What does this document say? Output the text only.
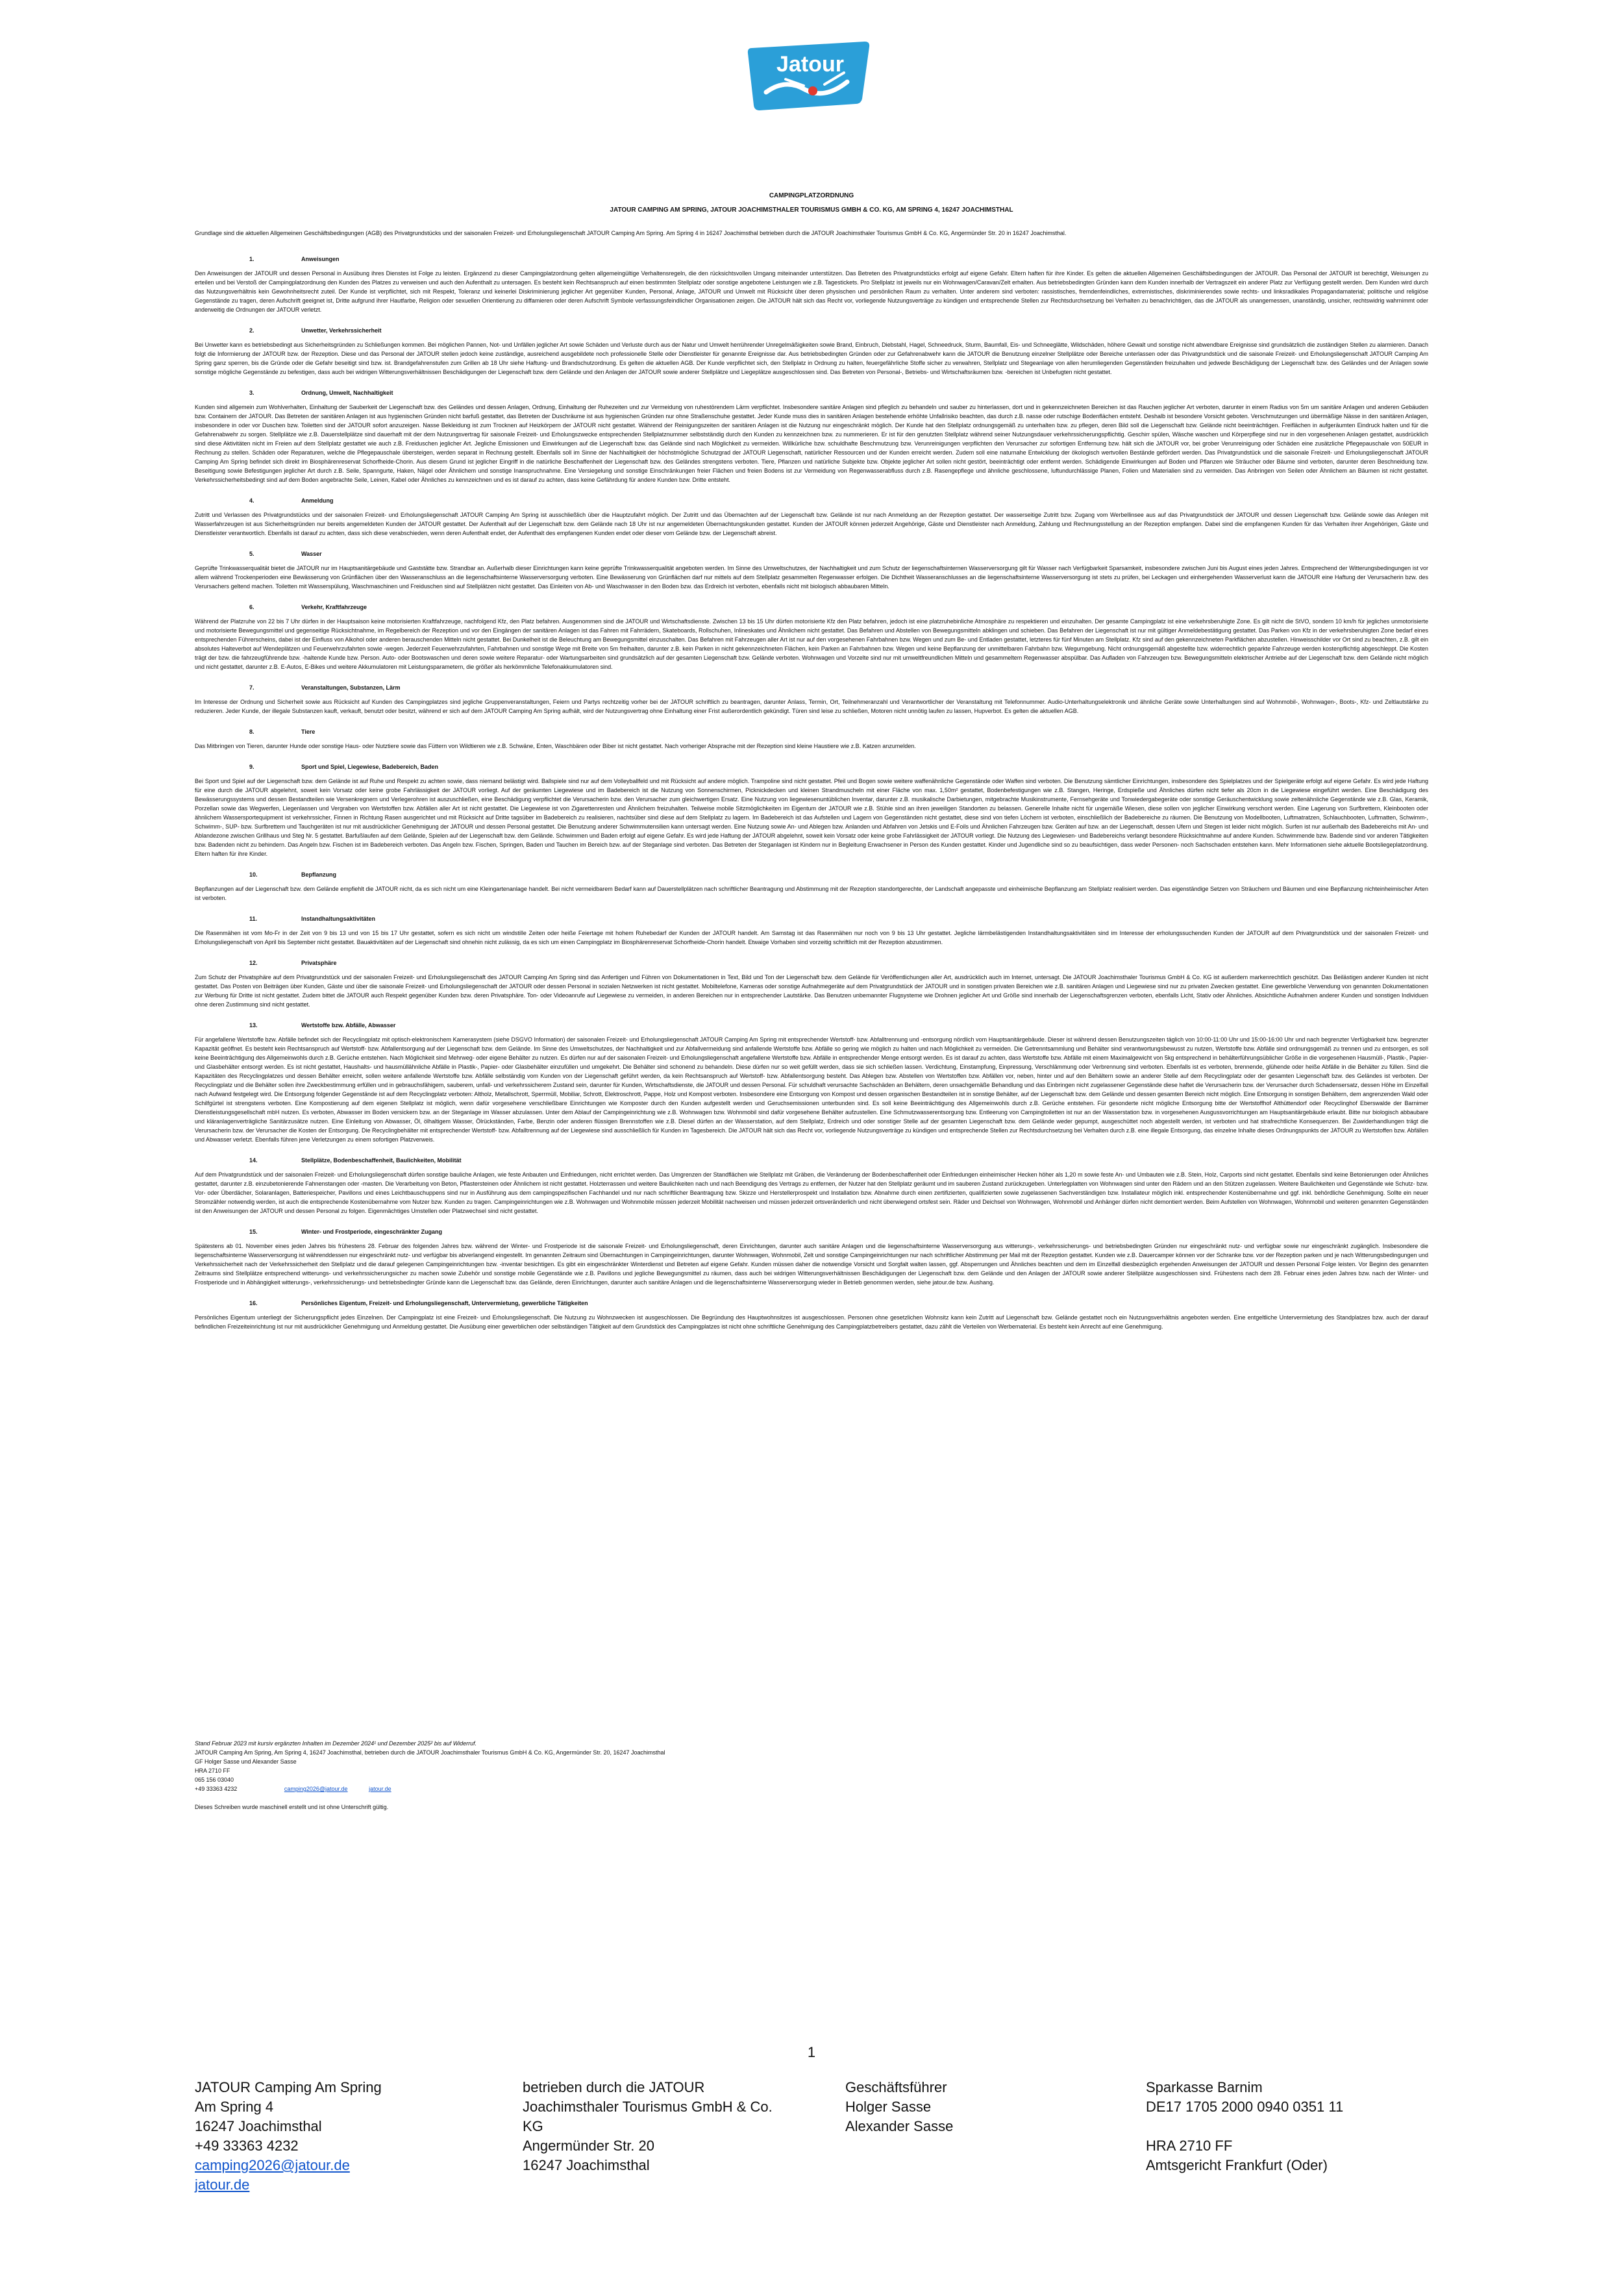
Jatour
CAMPINGPLATZORDNUNG
JATOUR CAMPING AM SPRING, JATOUR JOACHIMSTHALER TOURISMUS GMBH & CO. KG, AM SPRING 4, 16247 JOACHIMSTHAL
Grundlage sind die aktuellen Allgemeinen Geschäftsbedingungen (AGB) des Privatgrundstücks und der saisonalen Freizeit- und Erholungsliegenschaft JATOUR Camping Am Spring. Am Spring 4 in 16247 Joachimsthal betrieben durch die JATOUR Joachimsthaler Tourismus GmbH & Co. KG, Angermünder Str. 20 in 16247 Joachimsthal.
1.	Anweisungen

Den Anweisungen der JATOUR und dessen Personal in Ausübung ihres Dienstes ist Folge zu leisten. Ergänzend zu dieser Campingplatzordnung gelten allgemeingültige Verhaltensregeln, die den rücksichtsvollen Umgang miteinander unterstützen. Das Betreten des Privatgrundstücks erfolgt auf eigene Gefahr. Eltern haften für ihre Kinder. Es gelten die aktuellen Allgemeinen Geschäftsbedingungen der JATOUR. Das Personal der JATOUR ist berechtigt, Weisungen zu erteilen und bei Verstoß der Campingplatzordnung den Kunden des Platzes zu verweisen und auch den Aufenthalt zu untersagen. Es besteht kein Rechtsanspruch auf einen bestimmten Stellplatz oder sonstige angebotene Leistungen wie z.B. Tagestickets. Pro Stellplatz ist jeweils nur ein Wohnwagen/Caravan/Zelt erhalten. Aus betriebsbedingten Gründen kann dem Kunden innerhalb der Vertragszeit ein anderer Platz zur Verfügung gestellt werden. Dem Kunden wird durch das Nutzungsverhältnis kein Gewohnheitsrecht zuteil. Der Kunde ist verpflichtet, sich mit Respekt, Toleranz und keinerlei Diskriminierung jeglicher Art gegenüber Kunden, Personal, Anlage, JATOUR und Umwelt mit Rücksicht über deren physischen und persönlichen Raum zu verhalten. Unter anderem sind verboten: rassistisches, fremdenfeindliches, extremistisches, diskriminierendes sowie rechts- und linksradikales Propagandamaterial; politische und religiöse Gegenstände zu tragen, deren Aufschrift geeignet ist, Dritte aufgrund ihrer Hautfarbe, Religion oder sexuellen Orientierung zu diffamieren oder deren Aufschrift Symbole verfassungsfeindlicher Organisationen zeigen. Die JATOUR hält sich das Recht vor, vorliegende Nutzungsverträge zu kündigen und entsprechende Stellen zur Rechtsdurchsetzung bei Verhalten zu benachrichtigen, das die JATOUR als unangemessen, unanständig, unsicher, rechtswidrig wahrnimmt oder anderweitig die Ordnungen der JATOUR verletzt.

2.	Unwetter, Verkehrssicherheit

Bei Unwetter kann es betriebsbedingt aus Sicherheitsgründen zu Schließungen kommen. Bei möglichen Pannen, Not- und Unfällen jeglicher Art sowie Schäden und Verluste durch aus der Natur und Umwelt herrührender Unregelmäßigkeiten sowie Brand, Einbruch, Diebstahl, Hagel, Schneedruck, Sturm, Baumfall, Eis- und Schneeglätte, Wildschäden, höhere Gewalt und sonstige nicht abwendbare Ereignisse sind grundsätzlich die zuständigen Stellen zu alarmieren. Danach folgt die Informierung der JATOUR bzw. der Rezeption. Diese und das Personal der JATOUR stellen jedoch keine zuständige, ausreichend ausgebildete noch professionelle Stelle oder Dienstleister für genannte Ereignisse dar. Aus betriebsbedingten Gründen oder zur Gefahrenabwehr kann die JATOUR die Benutzung einzelner Stellplätze oder Bereiche unterlassen oder das Privatgrundstück und die saisonale Freizeit- und Erholungsliegenschaft JATOUR Camping Am Spring ganz sperren, bis die Gründe oder die Gefahr beseitigt sind bzw. ist. Brandgefahrenstufen zum Grillen ab 18 Uhr siehe Haftung- und Brandschutzordnung. Es gelten die aktuellen AGB. Der Kunde verpflichtet sich, den Stellplatz in Ordnung zu halten, feuergefährliche Stoffe sicher zu verwahren, Stellplatz und Stegeanlage von allen herumliegenden Gegenständen freizuhalten und jedwede Beschädigung der Liegenschaft bzw. des Geländes und der Anlagen sowie sonstige mögliche Gegenstände zu befestigen, dass auch bei widrigen Witterungsverhältnissen Beschädigungen der Liegenschaft bzw. dem Gelände und den Anlagen der JATOUR sowie anderer Stellplätze und Liegeplätze ausgeschlossen sind. Das Betreten von Personal-, Betriebs- und Wirtschaftsräumen bzw. -bereichen ist Unbefugten nicht gestattet.

3.	Ordnung, Umwelt, Nachhaltigkeit

Kunden sind allgemein zum Wohlverhalten, Einhaltung der Sauberkeit der Liegenschaft bzw. des Geländes und dessen Anlagen, Ordnung, Einhaltung der Ruhezeiten und zur Vermeidung von ruhestörendem Lärm verpflichtet. Insbesondere sanitäre Anlagen sind pfleglich zu behandeln und sauber zu hinterlassen, dort und in gekennzeichneten Bereichen ist das Rauchen jeglicher Art verboten, darunter in einem Radius von 5m um sanitäre Anlagen und anderen Gebäuden bzw. Containern der JATOUR. Das Betreten der sanitären Anlagen ist aus hygienischen Gründen nicht barfuß gestattet, das Betreten der Duschräume ist aus hygienischen Gründen nur ohne Straßenschuhe gestattet. Jeder Kunde muss dies in sanitären Anlagen bestehende erhöhte Unfallrisiko beachten, das durch z.B. nasse oder rutschige Bodenflächen entsteht. Deshalb ist besondere Vorsicht geboten. Verschmutzungen und übermäßige Nässe in den sanitären Anlagen, insbesondere in oder vor Duschen bzw. Toiletten sind der JATOUR sofort anzuzeigen. Nasse Bekleidung ist zum Trocknen auf Heizkörpern der JATOUR nicht gestattet. Während der Reinigungszeiten der sanitären Anlagen ist die Nutzung nur eingeschränkt möglich. Der Kunde hat den Stellplatz ordnungsgemäß zu unterhalten bzw. zu pflegen, deren Bild soll die Liegenschaft bzw. Gelände nicht beeinträchtigen. Freiflächen in aufgeräumten Eindruck halten und für die Gefahrenabwehr zu sorgen. Stellplätze wie z.B. Dauerstellplätze sind dauerhaft mit der dem Nutzungsvertrag für saisonale Freizeit- und Erholungszwecke entsprechenden Stellplatznummer selbstständig durch den Kunden zu kennzeichnen bzw. zu nummerieren. Er ist für den genutzten Stellplatz während seiner Nutzungsdauer verkehrssicherungspflichtig. Geschirr spülen, Wäsche waschen und Körperpflege sind nur in den vorgesehenen Anlagen gestattet, ausdrücklich sind diese Aktivitäten nicht im Freien auf dem Stellplatz gestattet wie auch z.B. Freiduschen jeglicher Art. Jegliche Emissionen und Einwirkungen auf die Liegenschaft bzw. das Gelände sind nach Möglichkeit zu vermeiden. Willkürliche bzw. schuldhafte Beschmutzung bzw. Verunreinigungen verpflichten den Verursacher zur sofortigen Entfernung bzw. hält sich die JATOUR vor, bei grober Verunreinigung oder Schäden eine zusätzliche Pflegepauschale von 50EUR in Rechnung zu stellen. Schäden oder Reparaturen, welche die Pflegepauschale übersteigen, werden separat in Rechnung gestellt. Ebenfalls soll im Sinne der Nachhaltigkeit der höchstmögliche Schutzgrad der JATOUR Liegenschaft, natürlicher Ressourcen und der Kunden erreicht werden. Zudem soll eine naturnahe Entwicklung der ökologisch wertvollen Bestände gefördert werden. Das Privatgrundstück und die saisonale Freizeit- und Erholungsliegenschaft JATOUR Camping Am Spring befindet sich direkt im Biosphärenreservat Schorfheide-Chorin. Aus diesem Grund ist jeglicher Eingriff in die natürliche Beschaffenheit der Liegenschaft bzw. des Geländes strengstens verboten. Tiere, Pflanzen und natürliche Subjekte bzw. Objekte jeglicher Art sollen nicht gestört, beeinträchtigt oder entfernt werden. Schädigende Einwirkungen auf Boden und Pflanzen wie Sträucher oder Bäume sind verboten, darunter deren Beschneidung bzw. Beseitigung sowie Befestigungen jeglicher Art durch z.B. Seile, Spanngurte, Haken, Nägel oder Ähnlichem und sonstige Inanspruchnahme. Eine Versiegelung und sonstige Einschränkungen freier Flächen und freien Bodens ist zur Vermeidung von Regenwasserabfluss durch z.B. Rasengepflege und ähnliche geschlossene, luftundurchlässige Planen, Folien und Materialien sind zu vermeiden. Das Anbringen von Seilen oder Ähnlichem an Bäumen ist nicht gestattet. Verkehrssicherheitsbedingt sind auf dem Boden angebrachte Seile, Leinen, Kabel oder Ähnliches zu kennzeichnen und es ist darauf zu achten, dass keine Gefährdung für andere Kunden bzw. Dritte entsteht.

4.	Anmeldung

Zutritt und Verlassen des Privatgrundstücks und der saisonalen Freizeit- und Erholungsliegenschaft JATOUR Camping Am Spring ist ausschließlich über die Hauptzufahrt möglich. Der Zutritt und das Übernachten auf der Liegenschaft bzw. Gelände ist nur nach Anmeldung an der Rezeption gestattet. Der wasserseitige Zutritt bzw. Zugang vom Werbellinsee aus auf das Privatgrundstück der JATOUR und dessen Liegenschaft bzw. Gelände sowie das Anlegen mit Wasserfahrzeugen ist aus Sicherheitsgründen nur bereits angemeldeten Kunden der JATOUR gestattet. Der Aufenthalt auf der Liegenschaft bzw. dem Gelände nach 18 Uhr ist nur angemeldeten Übernachtungskunden gestattet. Kunden der JATOUR können jederzeit Angehörige, Gäste und Dienstleister nach Anmeldung, Zahlung und Rechnungsstellung an der Rezeption empfangen. Dabei sind die empfangenen Kunden für das Verhalten ihrer Angehörigen, Gäste und Dienstleister verantwortlich. Ebenfalls ist darauf zu achten, dass sich diese verabschieden, wenn deren Aufenthalt endet, der Aufenthalt des empfangenen Kunden endet oder dieser vom Gelände bzw. der Liegenschaft abreist.

5.	Wasser

Geprüfte Trinkwasserqualität bietet die JATOUR nur im Hauptsanitärgebäude und Gaststätte bzw. Strandbar an. Außerhalb dieser Einrichtungen kann keine geprüfte Trinkwasserqualität angeboten werden. Im Sinne des Umweltschutzes, der Nachhaltigkeit und zum Schutz der liegenschaftsinternen Wasserversorgung gilt für Wasser nach Verfügbarkeit Sparsamkeit, insbesondere zwischen Juni bis August eines jeden Jahres. Entsprechend der Witterungsbedingungen ist vor allem während Trockenperioden eine Bewässerung von Grünflächen über den Wasseranschluss an die liegenschaftsinterne Wasserversorgung verboten. Eine Bewässerung von Grünflächen darf nur mittels auf dem Stellplatz gesammelten Regenwasser erfolgen. Die Dichtheit Wasseranschlusses an die liegenschaftsinterne Wasserversorgung ist stets zu prüfen, bei Leckagen und einhergehenden Wasserverlust kann die JATOUR eine Haftung der Verursacherin bzw. des Verursachers geltend machen. Toiletten mit Wasserspülung, Waschmaschinen und Freiduschen sind auf Stellplätzen nicht gestattet. Das Einleiten von Ab- und Waschwasser in den Boden bzw. das Erdreich ist verboten, ebenfalls nicht mit biologisch abbaubaren Mitteln.

6.	Verkehr, Kraftfahrzeuge

Während der Platzruhe von 22 bis 7 Uhr dürfen in der Hauptsaison keine motorisierten Kraftfahrzeuge, nachfolgend Kfz, den Platz befahren. Ausgenommen sind die JATOUR und Wirtschaftsdienste. Zwischen 13 bis 15 Uhr dürfen motorisierte Kfz den Platz befahren, jedoch ist eine platzruhebinliche Atmosphäre zu respektieren und einzuhalten. Der gesamte Campingplatz ist eine verkehrsberuhigte Zone. Es gilt nicht die StVO, sondern 10 km/h für jegliches unmotorisierte und motorisierte Bewegungsmittel und gegenseitige Rücksichtnahme, im Regelbereich der Rezeption und vor den Eingängen der sanitären Anlagen ist das Fahren mit Fahrrädern, Skateboards, Rollschuhen, Inlineskates und Ähnlichem nicht gestattet. Das Befahren und Abstellen von Bewegungsmitteln abklingen und schieben. Das Befahren der Liegenschaft ist nur mit gültiger Anmeldebestätigung gestattet. Das Parken von Kfz in der verkehrsberuhigten Zone bedarf eines entsprechenden Führerscheins, dabei ist der Einfluss von Alkohol oder anderen berauschenden Mitteln nicht gestattet. Bei Dunkelheit ist die Beleuchtung am Bewegungsmittel einzuschalten. Das Befahren mit Fahrzeugen aller Art ist nur auf den vorgesehenen Fahrbahnen bzw. Wegen und zum Be- und Entladen gestattet, letzteres für fünf Minuten am Stellplatz. Kfz sind auf den gekennzeichneten Parkflächen abzustellen. Hinweisschilder vor Ort sind zu beachten, z.B. gilt ein absolutes Halteverbot auf Wendeplätzen und Feuerwehrzufahrten sowie -wegen. Jederzeit Feuerwehrzufahrten, Fahrbahnen und sonstige Wege mit Breite von 5m freihalten, darunter z.B. kein Parken in nicht gekennzeichneten Flächen, kein Parken an Fahrbahnen bzw. Wegen und keine Bepflanzung der unmittelbaren Fahrbahn bzw. Wegumgebung. Nicht ordnungsgemäß abgestellte bzw. widerrechtlich geparkte Fahrzeuge werden kostenpflichtig abgeschleppt. Die Kosten trägt der bzw. die fahrzeugführende bzw. -haltende Kunde bzw. Person. Auto- oder Bootswaschen und deren sowie weitere Reparatur- oder Wartungsarbeiten sind grundsätzlich auf der gesamten Liegenschaft bzw. Gelände verboten. Wohnwagen und Vorzelte sind nur mit umweltfreundlichen Mitteln und gesammeltem Regenwasser abspülbar. Das Aufladen von Fahrzeugen bzw. Bewegungsmitteln elektrischer Antriebe auf der Liegenschaft bzw. dem Gelände nicht möglich und nicht gestattet, darunter z.B. E-Autos, E-Bikes und weitere Akkumulatoren mit Leistungsparametern, die größer als herkömmliche Telefonakkumulatoren sind.

7.	Veranstaltungen, Substanzen, Lärm

Im Interesse der Ordnung und Sicherheit sowie aus Rücksicht auf Kunden des Campingplatzes sind jegliche Gruppenveranstaltungen, Feiern und Partys rechtzeitig vorher bei der JATOUR schriftlich zu beantragen, darunter Anlass, Termin, Ort, Teilnehmeranzahl und Verantwortlicher der Veranstaltung mit Telefonnummer. Audio-Unterhaltungselektronik und ähnliche Geräte sowie Unterhaltungen sind auf Wohnmobil-, Wohnwagen-, Boots-, Kfz- und Zeltlautstärke zu reduzieren. Jeder Kunde, der illegale Substanzen kauft, verkauft, benutzt oder besitzt, während er sich auf dem JATOUR Camping Am Spring aufhält, wird der Nutzungsvertrag ohne Einhaltung einer Frist außerordentlich gekündigt. Türen sind leise zu schließen, Motoren nicht unnötig laufen zu lassen, Hupverbot. Es gelten die aktuellen AGB.

8.	Tiere

Das Mitbringen von Tieren, darunter Hunde oder sonstige Haus- oder Nutztiere sowie das Füttern von Wildtieren wie z.B. Schwäne, Enten, Waschbären oder Biber ist nicht gestattet. Nach vorheriger Absprache mit der Rezeption sind kleine Haustiere wie z.B. Katzen anzumelden.

9.	Sport und Spiel, Liegewiese, Badebereich, Baden

Bei Sport und Spiel auf der Liegenschaft bzw. dem Gelände ist auf Ruhe und Respekt zu achten sowie, dass niemand belästigt wird. Ballspiele sind nur auf dem Volleyballfeld und mit Rücksicht auf andere möglich. Trampoline sind nicht gestattet. Pfeil und Bogen sowie weitere waffenähnliche Gegenstände oder Waffen sind verboten. Die Benutzung sämtlicher Einrichtungen, insbesondere des Spielplatzes und der Spielgeräte erfolgt auf eigene Gefahr. Es wird jede Haftung für eine durch die JATOUR abgelehnt, soweit kein Vorsatz oder keine grobe Fahrlässigkeit der JATOUR vorliegt. Auf der geräumten Liegewiese und im Badebereich ist die Nutzung von Sonnenschirmen, Picknickdecken und kleinen Strandmuscheln mit einer Fläche von max. 1,50m² gestattet, Bodenbefestigungen wie z.B. Stangen, Heringe, Erdspieße und Ähnliches dürfen nicht tiefer als 20cm in die Liegewiese eingeführt werden. Eine Beschädigung des Bewässerungssystems und dessen Bestandteilen wie Versenkregnern und Verlegerohren ist auszuschließen, eine Beschädigung verpflichtet die Verursacherin bzw. den Verursacher zum gleichwertigen Ersatz. Eine Nutzung von liegewiesenuntüblichen Inventar, darunter z.B. musikalische Darbietungen, mitgebrachte Musikinstrumente, Fernsehgeräte und Tonwiedergabegeräte oder sonstige Geräuschentwicklung sowie zeltenähnliche Gegenstände wie z.B. Glas, Keramik, Porzellan sowie das Wegwerfen, Liegenlassen und Vergraben von Wertstoffen bzw. Abfällen aller Art ist nicht gestattet. Die Liegewiese ist von Zigarettenresten und Ähnlichem freizuhalten. Teilweise mobile Sitzmöglichkeiten im Eigentum der JATOUR wie z.B. Stühle sind an ihren jeweiligen Standorten zu belassen. Generelle Inhalte nicht für ungemäße Wiesen, diese sollen von jeglicher Einwirkung verschont werden. Eine Lagerung von Surfbrettern, Kleinbooten oder ähnlichem Wassersportequipment ist verkehrssicher, Finnen in Richtung Rasen ausgerichtet und mit Rücksicht auf Dritte tagsüber im Badebereich zu realisieren, nachtsüber sind diese auf dem Stellplatz zu lagern. Im Badebereich ist das Aufstellen und Lagern von Gegenständen nicht gestattet, diese sind von tiefen Löchern ist verboten, einschließlich der Badebereiche zu räumen. Die Benutzung von Modellbooten, Luftmatratzen, Schlauchbooten, Luftmatten, Schwimm-, Schwimm-, SUP- bzw. Surfbrettern und Tauchgeräten ist nur mit ausdrücklicher Genehmigung der JATOUR und dessen Personal gestattet. Die Benutzung anderer Schwimmutensilien kann untersagt werden. Eine Nutzung sowie An- und Ablegen bzw. Anlanden und Abfahren von Jetskis und E-Foils und Ähnlichen Fahrzeugen bzw. Geräten auf bzw. an der Liegenschaft, dessen Ufern und Stegen ist leider nicht möglich. Surfen ist nur außerhalb des Badebereichs mit An- und Ablandezone zwischen Grillhaus und Steg Nr. 5 gestattet. Barfußlaufen auf dem Gelände, Spielen auf der Liegenschaft bzw. dem Gelände. Schwimmen und Baden erfolgt auf eigene Gefahr. Es wird jede Haftung der JATOUR abgelehnt, soweit kein Vorsatz oder keine grobe Fahrlässigkeit der JATOUR vorliegt. Die Nutzung des Liegewiesen- und Badebereichs verlangt besondere Rücksichtnahme auf andere Kunden. Schwimmende bzw. Badende sind vor anderen Tätigkeiten bzw. Badenden nicht zu behindern. Das Angeln bzw. Fischen ist im Badebereich verboten. Das Angeln bzw. Fischen, Springen, Baden und Tauchen im Bereich bzw. auf der Steganlage sind verboten. Das Betreten der Steganlagen ist Kindern nur in Begleitung Erwachsener in Person des Kunden gestattet. Kinder und Jugendliche sind so zu beaufsichtigen, dass weder Personen- noch Sachschaden entstehen kann. Mehr Informationen siehe aktuelle Bootsliegeplatzordnung. Eltern haften für ihre Kinder.

10.	Bepflanzung

Bepflanzungen auf der Liegenschaft bzw. dem Gelände empfiehlt die JATOUR nicht, da es sich nicht um eine Kleingartenanlage handelt. Bei nicht vermeidbarem Bedarf kann auf Dauerstellplätzen nach schriftlicher Beantragung und Abstimmung mit der Rezeption standortgerechte, der Landschaft angepasste und einheimische Bepflanzung am Stellplatz realisiert werden. Das eigenständige Setzen von Sträuchern und Bäumen und eine Bepflanzung nichteinheimischer Arten ist verboten.

11.	Instandhaltungsaktivitäten

Die Rasenmähen ist vom Mo-Fr in der Zeit von 9 bis 13 und von 15 bis 17 Uhr gestattet, sofern es sich nicht um windstille Zeiten oder heiße Feiertage mit hohem Ruhebedarf der Kunden der JATOUR handelt. Am Samstag ist das Rasenmähen nur noch von 9 bis 13 Uhr gestattet. Jegliche lärmbelästigenden Instandhaltungsaktivitäten sind im Interesse der erholungssuchenden Kunden der JATOUR auf dem Privatgrundstück und der saisonalen Freizeit- und Erholungsliegenschaft von April bis September nicht gestattet. Bauaktivitäten auf der Liegenschaft sind ohnehin nicht zulässig, da es sich um einen Campingplatz im Biosphärenreservat Schorfheide-Chorin handelt. Etwaige Vorhaben sind vorzeitig schriftlich mit der Rezeption abzustimmen.

12.	Privatsphäre

Zum Schutz der Privatsphäre auf dem Privatgrundstück und der saisonalen Freizeit- und Erholungsliegenschaft des JATOUR Camping Am Spring sind das Anfertigen und Führen von Dokumentationen in Text, Bild und Ton der Liegenschaft bzw. dem Gelände für Veröffentlichungen aller Art, ausdrücklich auch im Internet, untersagt. Die JATOUR Joachimsthaler Tourismus GmbH & Co. KG ist außerdem markenrechtlich geschützt. Das Beilästigen anderer Kunden ist nicht gestattet. Das Posten von Beiträgen über Kunden, Gäste und über die saisonale Freizeit- und Erholungsliegenschaft der JATOUR oder dessen Personal in sozialen Netzwerken ist nicht gestattet. Mobiltelefone, Kameras oder sonstige Aufnahmegeräte auf dem Privatgrundstück der JATOUR und in sonstigen privaten Bereichen wie z.B. sanitären Anlagen und Liegewiese sind nur zu privaten Zwecken gestattet. Eine gewerbliche Verwendung von genannten Dokumentationen zur Werbung für Dritte ist nicht gestattet. Zudem bittet die JATOUR auch Respekt gegenüber Kunden bzw. deren Privatsphäre. Ton- oder Videoanrufe auf Liegewiese zu vermeiden, in anderen Bereichen nur in entsprechender Lautstärke. Das Benutzen unbemannter Flugsysteme wie Drohnen jeglicher Art und Größe sind innerhalb der Liegenschaftsgrenzen verboten, ebenfalls Licht, Stativ oder Ähnliches. Absichtliche Aufnahmen anderer Kunden und sonstigen Individuen ohne deren Zustimmung sind nicht gestattet.

13.	Wertstoffe bzw. Abfälle, Abwasser

Für angefallene Wertstoffe bzw. Abfälle befindet sich der Recyclingplatz mit optisch-elektronischem Kamerasystem (siehe DSGVO Information) der saisonalen Freizeit- und Erholungsliegenschaft JATOUR Camping Am Spring mit entsprechender Wertstoff- bzw. Abfalltrennung und -entsorgung nördlich vom Hauptsanitärgebäude. Dieser ist während dessen Benutzungszeiten täglich von 10:00-11:00 Uhr und 15:00-16:00 Uhr und nach begrenzter Verfügbarkeit bzw. begrenzter Kapazität geöffnet. Es besteht kein Rechtsanspruch auf Wertstoff- bzw. Abfallentsorgung auf der Liegenschaft bzw. dem Gelände. Im Sinne des Umweltschutzes, der Nachhaltigkeit und zur Abfallvermeidung sind anfallende Wertstoffe bzw. Abfälle so gering wie möglich zu halten und nach Möglichkeit zu vermeiden. Die Getrenntsammlung und Behälter sind verantwortungsbewusst zu nutzen, Wertstoffe bzw. Abfälle sind ordnungsgemäß zu trennen und zu entsorgen, es soll keine Beeinträchtigung des Allgemeinwohls durch z.B. Gerüche entstehen. Nach Möglichkeit sind Mehrweg- oder eigene Behälter zu nutzen. Es dürfen nur auf der saisonalen Freizeit- und Erholungsliegenschaft angefallene Wertstoffe bzw. Abfälle in entsprechender Menge entsorgt werden. Es ist darauf zu achten, dass Wertstoffe bzw. Abfälle mit einem Maximalgewicht von 5kg entsprechend in behälterführungsüblicher Größe in die vorgesehenen Hausmüll-, Plastik-, Papier- und Glasbehälter entsorgt werden. Es ist nicht gestattet, Haushalts- und hausmüllähnliche Abfälle in Plastik-, Papier- oder Glasbehälter einzufüllen und umgekehrt. Die Behälter sind schonend zu behandeln. Diese dürfen nur so weit gefüllt werden, dass sie sich schließen lassen. Verdichtung, Einstampfung, Einpressung, Verschlämmung oder Verbrennung sind verboten. Ebenfalls ist es verboten, brennende, glühende oder heiße Abfälle in die Behälter zu füllen. Sind die Kapazitäten des Recyclingplatzes und dessen Behälter erreicht, sollen weitere anfallende Wertstoffe bzw. Abfälle selbständig vom Kunden von der Liegenschaft geführt werden, da kein Rechtsanspruch auf Wertstoff- bzw. Abfallentsorgung besteht. Das Ablegen bzw. Abstellen von Wertstoffen bzw. Abfällen vor, neben, hinter und auf den Behältern sowie an anderer Stelle auf dem Recyclingplatz oder der gesamten Liegenschaft bzw. des Geländes ist verboten. Der Recyclingplatz und die Behälter sollen ihre Zweckbestimmung erfüllen und in gebrauchsfähigem, sauberem, unfall- und verkehrssicherem Zustand sein, darunter für Kunden, Wirtschaftsdienste, die JATOUR und dessen Personal. Für schuldhaft verursachte Sachschäden an Behältern, deren unsachgemäße Behandlung und das Einbringen nicht zugelassener Gegenstände diese haftet die Verursacherin bzw. der Verursacher durch Schadensersatz, dessen Höhe im Einzelfall nach Aufwand festgelegt wird. Die Entsorgung folgender Gegenstände ist auf dem Recyclingplatz verboten: Altholz, Metallschrott, Sperrmüll, Mobiliar, Schrott, Elektroschrott, Pappe, Holz und Kompost verboten. Insbesondere eine Entsorgung von Kompost und dessen organischen Bestandteilen ist in sonstige Behälter, auf der Liegenschaft bzw. dem Gelände und dessen gesamten Bereich nicht möglich. Eine Entsorgung in sonstigen Behältern, dem angrenzenden Wald oder Schilfgürtel ist strengstens verboten. Eine Kompostierung auf dem eigenen Stellplatz ist möglich, wenn dafür vorgesehene verschließbare Einrichtungen wie Komposter durch den Kunden aufgestellt werden und Geruchsemissionen unterbunden sind. Es soll keine Beeinträchtigung des Allgemeinwohls durch z.B. Gerüche entstehen. Für gesonderte nicht mögliche Entsorgung bitte der Wertstoffhof Althüttendorf oder Recyclinghof Eberswalde der Barnimer Dienstleistungsgesellschaft mbH nutzen. Es verboten, Abwasser im Boden versickern bzw. an der Steganlage im Wasser abzulassen. Unter dem Ablauf der Campingeinrichtung wie z.B. Wohnwagen bzw. Wohnmobil sind dafür vorgesehene Behälter aufzustellen. Eine Schmutzwasserentsorgung bzw. Entleerung von Campingtoiletten ist nur an der Wasserstation bzw. in vorgesehenen Ausgussvorrichtungen am Hauptsanitärgebäude erlaubt. Bitte nur biologisch abbaubare und kläranlagenverträgliche Sanitärzusätze nutzen. Eine Einleitung von Abwasser, Öl, ölhaltigem Wasser, Ölrückständen, Farbe, Benzin oder anderen flüssigen Brennstoffen wie z.B. Diesel dürfen an der Wasserstation, auf dem Stellplatz, Erdreich und oder sonstiger Stelle auf der gesamten Liegenschaft bzw. dem Gelände weder gepumpt, ausgeschüttet noch abgestellt werden, ist verboten und hat strafrechtliche Konsequenzen. Bei Zuwiderhandlungen trägt die Verursacherin bzw. der Verursacher die Kosten der Entsorgung. Die Recyclingbehälter mit entsprechender Wertstoff- bzw. Abfalltrennung auf der Liegewiese sind ausschließlich für Kunden im Tagesbereich. Die JATOUR hält sich das Recht vor, vorliegende Nutzungsverträge zu kündigen und entsprechende Stellen zur Rechtsdurchsetzung bei Verhalten durch z.B. eine illegale Entsorgung, das einzelne Inhalte dieses Ordnungspunkts der JATOUR zu Wertstoffen bzw. Abfällen und Abwasser verletzt. Ebenfalls führen jene Verletzungen zu einem sofortigen Platzverweis.

14.	Stellplätze, Bodenbeschaffenheit, Baulichkeiten, Mobilität

Auf dem Privatgrundstück und der saisonalen Freizeit- und Erholungsliegenschaft dürfen sonstige bauliche Anlagen, wie feste Anbauten und Einfriedungen, nicht errichtet werden. Das Umgrenzen der Standflächen wie Stellplatz mit Gräben, die Veränderung der Bodenbeschaffenheit oder Einfriedungen einheimischer Hecken höher als 1,20 m sowie feste An- und Umbauten wie z.B. Stein, Holz, Carports sind nicht gestattet. Ebenfalls sind keine Betonierungen oder Ähnliches gestattet, darunter z.B. einzubetonierende Fahnenstangen oder -masten. Die Verarbeitung von Beton, Pflastersteinen oder Ähnlichem ist nicht gestattet. Holzterrassen und weitere Baulichkeiten nach und nach Beendigung des Vertrags zu entfernen, der Nutzer hat den Stellplatz geräumt und im sauberen Zustand zurückzugeben. Unterlegplatten von Wohnwagen sind unter den Rädern und an den Stützen zugelassen. Weitere Baulichkeiten und Gegenstände wie Schutz- bzw. Vor- oder Überdächer, Solaranlagen, Batteriespeicher, Pavillons und eines Leichtbauschuppens sind nur in Ausführung aus dem campingspezifischen Fachhandel und nur nach schriftlicher Beantragung bzw. Skizze und Herstellerprospekt und Installation bzw. Abnahme durch einen zertifizierten, qualifizierten sowie zugelassenen Sachverständigen bzw. Installateur möglich inkl. entsprechender Kostenübernahme und ggf. inkl. behördliche Genehmigung. Sollte ein neuer Stromzähler notwendig werden, ist auch die entsprechende Kostenübernahme vom Nutzer bzw. Kunden zu tragen. Campingeinrichtungen wie z.B. Wohnwagen und Wohnmobile müssen jederzeit Mobilität nachweisen und müssen jederzeit ortsveränderlich und nicht überwiegend ortsfest sein. Räder und Deichsel von Wohnwagen, Wohnmobil und Anhänger dürfen nicht demontiert werden. Beim Aufstellen von Wohnwagen, Wohnmobil und weiteren genannten Gegenständen ist den Anweisungen der JATOUR und dessen Personal zu folgen. Eigenmächtiges Umstellen oder Platzwechsel sind nicht gestattet.

15.	Winter- und Frostperiode, eingeschränkter Zugang

Spätestens ab 01. November eines jeden Jahres bis frühestens 28. Februar des folgenden Jahres bzw. während der Winter- und Frostperiode ist die saisonale Freizeit- und Erholungsliegenschaft, deren Einrichtungen, darunter auch sanitäre Anlagen und die liegenschaftsinterne Wasserversorgung aus witterungs-, verkehrssicherungs- und betriebsbedingten Gründen nur eingeschränkt nutz- und verfügbar sowie nur eingeschränkt zugänglich. Insbesondere die liegenschaftsinterne Wasserversorgung ist währenddessen nur eingeschränkt nutz- und verfügbar bis abverlangend eingestellt. Im genannten Zeitraum sind Übernachtungen in Campingeinrichtungen, darunter Wohnwagen, Wohnmobil, Zelt und sonstige Campingeinrichtungen nur nach schriftlicher Abstimmung per Mail mit der Rezeption gestattet. Kunden wie z.B. Dauercamper können vor der Schranke bzw. vor der Rezeption parken und je nach Witterungsbedingungen und Verkehrssicherheit nach der Verkehrssicherheit den Stellplatz und die darauf gelegenen Campingeinrichtungen bzw. -inventar besichtigen. Es gibt ein eingeschränkter Winterdienst und Betreten auf eigene Gefahr. Kunden müssen daher die notwendige Vorsicht und Sorgfalt walten lassen, ggf. Absperrungen und Ähnliches beachten und dem im Einzelfall diesbezüglich ergehenden Anweisungen der JATOUR und dessen Personal Folge leisten. Vor Beginn des genannten Zeitraums sind Stellplätze entsprechend witterungs- und verkehrssicherungsicher zu machen sowie Zubehör und sonstige mobile Gegenstände wie z.B. Pavillons und jegliche Bewegungsmittel zu räumen, dass auch bei widrigen Witterungsverhältnissen Beschädigungen der Liegenschaft bzw. dem Gelände und den Anlagen der JATOUR sowie anderer Stellplätze ausgeschlossen sind. Frühestens nach dem 28. Februar eines jeden Jahres bzw. nach der Winter- und Frostperiode und in Abhängigkeit witterungs-, verkehrssicherungs- und betriebsbedingter Gründe kann die Liegenschaft bzw. das Gelände, deren Einrichtungen, darunter auch sanitäre Anlagen und die liegenschaftsinterne Wasserversorgung wieder in Betrieb genommen werden, siehe jatour.de bzw. Aushang.

16.	Persönliches Eigentum, Freizeit- und Erholungsliegenschaft, Untervermietung, gewerbliche Tätigkeiten

Persönliches Eigentum unterliegt der Sicherungspflicht jedes Einzelnen. Der Campingplatz ist eine Freizeit- und Erholungsliegenschaft. Die Nutzung zu Wohnzwecken ist ausgeschlossen. Die Begründung des Hauptwohnsitzes ist ausgeschlossen. Personen ohne gesetzlichen Wohnsitz kann kein Zutritt auf Liegenschaft bzw. Gelände gestattet noch ein Nutzungsverhältnis angeboten werden. Eine entgeltliche Untervermietung des Standplatzes bzw. auch der darauf befindlichen Freizeiteinrichtung ist nur mit ausdrücklicher Genehmigung und Anmeldung gestattet. Die Ausübung einer gewerblichen oder selbständigen Tätigkeit auf dem Grundstück des Campingplatzes ist nicht ohne schriftliche Genehmigung des Campingplatzbetreibers gestattet, dazu zählt die Verteilen von Werbematerial. Es besteht kein Anrecht auf eine Genehmigung.

Stand Februar 2023 mit kursiv ergänzten Inhalten im Dezember 2024¹ und Dezember 2025² bis auf Widerruf.
JATOUR Camping Am Spring, Am Spring 4, 16247 Joachimsthal, betrieben durch die JATOUR Joachimsthaler Tourismus GmbH & Co. KG, Angermünder Str. 20, 16247 Joachimsthal
GF Holger Sasse und Alexander Sasse
HRA 2710 FF
065 156 03040
+49 33363 4232	camping2026@jatour.de	jatour.de
Dieses Schreiben wurde maschinell erstellt und ist ohne Unterschrift gültig.
1
JATOUR Camping Am Spring
Am Spring 4
16247 Joachimsthal
+49 33363 4232
camping2026@jatour.de
jatour.de
betrieben durch die JATOUR
Joachimsthaler Tourismus GmbH & Co.
KG
Angermünder Str. 20
16247 Joachimsthal
Geschäftsführer
Holger Sasse
Alexander Sasse
Sparkasse Barnim
DE17 1705 2000 0940 0351 11

HRA 2710 FF
Amtsgericht Frankfurt (Oder)
